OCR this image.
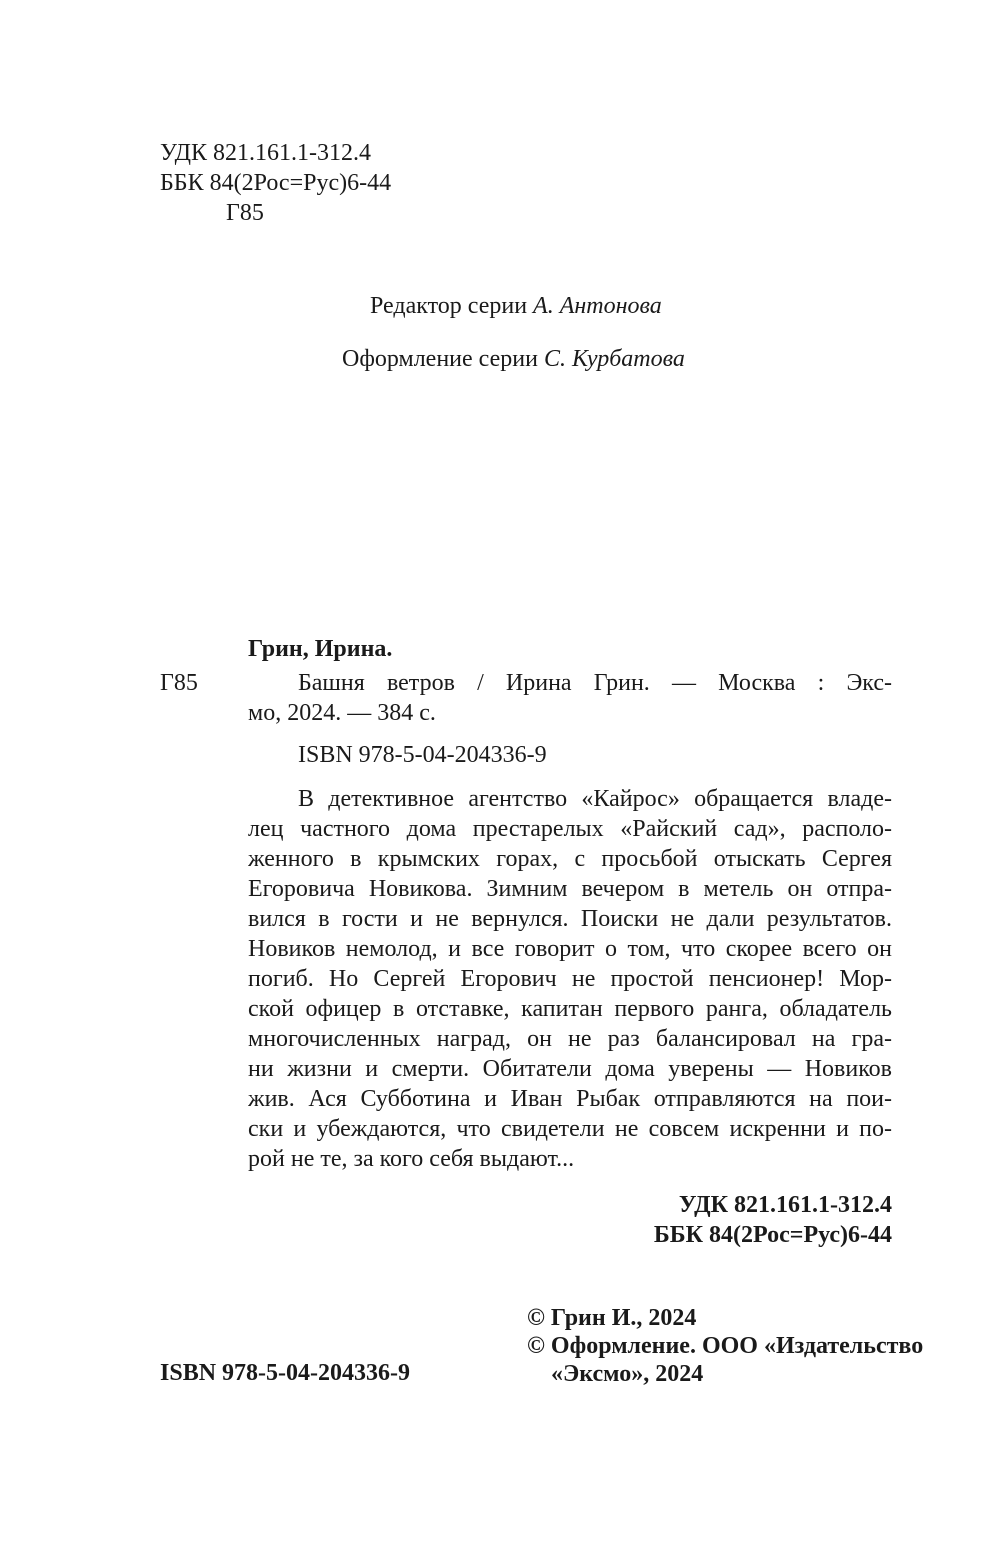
УДК 821.161.1-312.4
ББК 84(2Рос=Рус)6-44
Г85
Редактор серии А. Антонова
Оформление серии С. Курбатова
Грин, Ирина.
Г85	Башня ветров / Ирина Грин. — Москва : Экс-
мо, 2024. — 384 с.
ISBN 978-5-04-204336-9
В детективное агентство «Кайрос» обращается владе-
лец частного дома престарелых «Райский сад», располо-
женного в крымских горах, с просьбой отыскать Сергея
Егоровича Новикова. Зимним вечером в метель он отпра-
вился в гости и не вернулся. Поиски не дали результатов.
Новиков немолод, и все говорит о том, что скорее всего он
погиб. Но Сергей Егорович не простой пенсионер! Мор-
ской офицер в отставке, капитан первого ранга, обладатель
многочисленных наград, он не раз балансировал на гра-
ни жизни и смерти. Обитатели дома уверены — Новиков
жив. Ася Субботина и Иван Рыбак отправляются на пои-
ски и убеждаются, что свидетели не совсем искренни и по-
рой не те, за кого себя выдают...
УДК 821.161.1-312.4
ББК 84(2Рос=Рус)6-44
ISBN 978-5-04-204336-9
© Грин И., 2024
© Оформление. ООО «Издательство
«Эксмо», 2024
